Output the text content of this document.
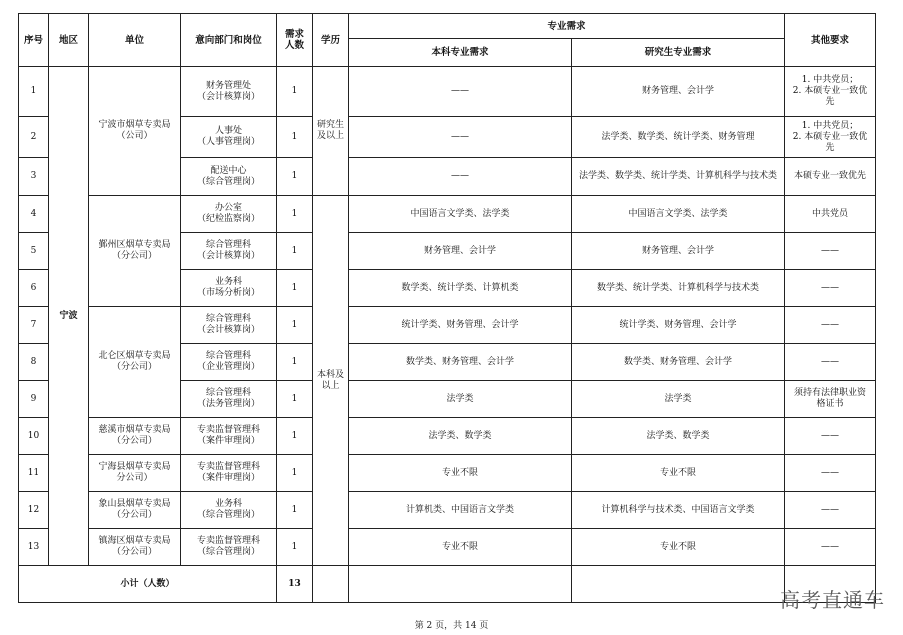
序号	地区	单位	意向部门和岗位	需求
人数	学历	专业需求		其他要求
						本科专业需求	研究生专业需求	
1	宁波	宁波市烟草专卖局
（公司）	财务管理处
（会计核算岗）	1	研究生
及以上	——	财务管理、会计学	1. 中共党员；
2. 本硕专业一致优
先

2			人事处
（人事管理岗）	1		——	法学类、数学类、统计学类、财务管理	1. 中共党员；
2. 本硕专业一致优
先

3			配送中心
（综合管理岗）	1		——	法学类、数学类、统计学类、计算机科学与技术类	本硕专业一致优先
4		鄞州区烟草专卖局
（分公司）	办公室
（纪检监察岗）	1	本科及
以上	中国语言文学类、法学类	中国语言文学类、法学类	中共党员
5			综合管理科
（会计核算岗）	1		财务管理、会计学	财务管理、会计学	——
6			业务科
（市场分析岗）	1		数学类、统计学类、计算机类	数学类、统计学类、计算机科学与技术类	——
7		北仑区烟草专卖局
（分公司）	综合管理科
（会计核算岗）	1		统计学类、财务管理、会计学	统计学类、财务管理、会计学	——
8			综合管理科
（企业管理岗）	1		数学类、财务管理、会计学	数学类、财务管理、会计学	——
9			综合管理科
（法务管理岗）	1		法学类	法学类	须持有法律职业资
格证书

10		慈溪市烟草专卖局
（分公司）	专卖监督管理科
（案件审理岗）	1		法学类、数学类	法学类、数学类	——
11		宁海县烟草专卖局
分公司）	专卖监督管理科
（案件审理岗）	1		专业不限	专业不限	——
12		象山县烟草专卖局
（分公司）	业务科
（综合管理岗）	1		计算机类、中国语言文学类	计算机科学与技术类、中国语言文学类	——
13		镇海区烟草专卖局
（分公司）	专卖监督管理科
（综合管理岗）	1		专业不限	专业不限	——
小计（人数）				13				
高考直通车
第 2 页，共 14 页
